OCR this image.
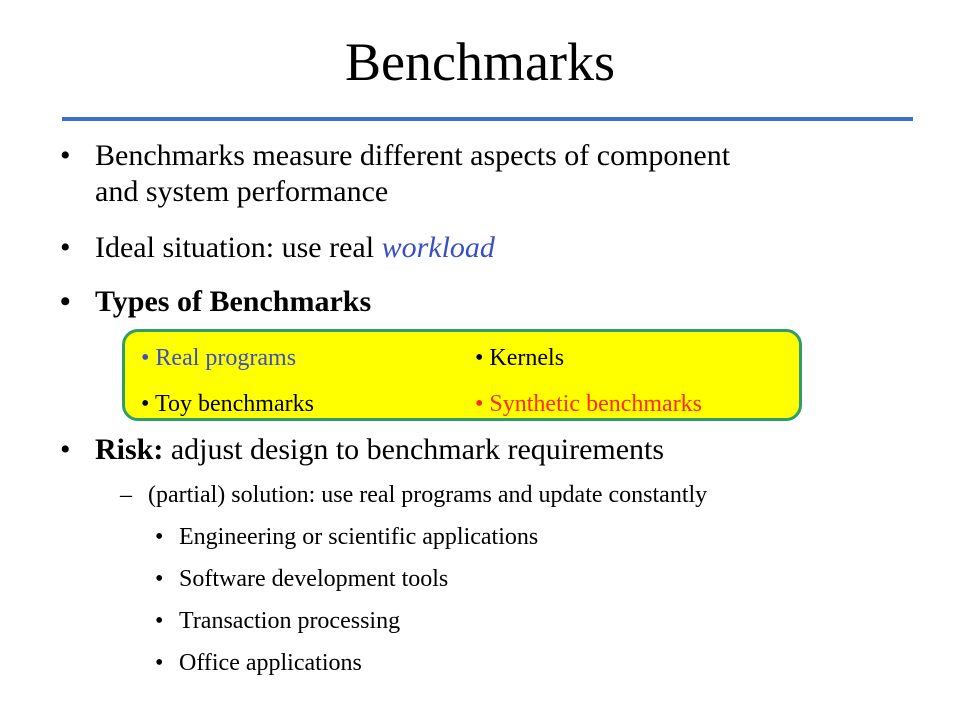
Benchmarks
• Benchmarks measure different aspects of component
and system performance
• Ideal situation: use real workload
• Types of Benchmarks
• Real programs	• Kernels
• Toy benchmarks	• Synthetic benchmarks
• Risk: adjust design to benchmark requirements
– (partial) solution: use real programs and update constantly
• Engineering or scientific applications
• Software development tools
• Transaction processing
• Office applications
